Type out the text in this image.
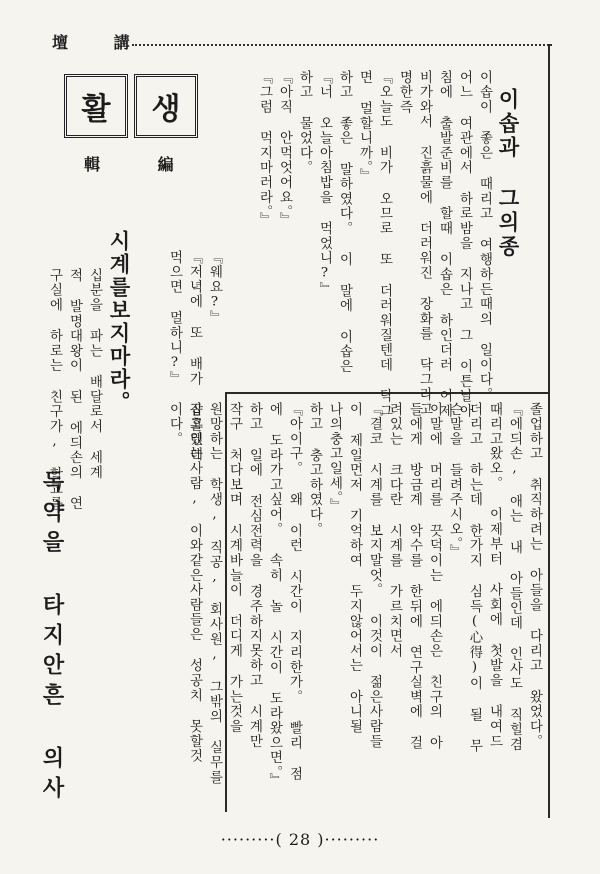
壇 講
활 생
輯 編	이솝과 그의종
이솝이 좋은 때리고 여행하든때의 일이다。
어느 여관에서 하로밤을 지나고 그 이튼날아
침에 출발준비를 할때 이솝은 하인더러 어제
비가와서 진흙물에 더러워진 장화를 닥그라고
명한즉
『오늘도 비가 오므로 또 더러워질텐데 닥그
면 멀할니까。』
하고 좋은 말하였다。 이 말에 이솝은
『너 오늘아침밥을 먹었니?』
하고 물었다。
『아직 안먹엇어요。』
『그럼 먹지마러라。』
『웨요?』
『저녁에 또 배가 곱흘텐데
먹으면 멀하니?』
시계를보지마라。
십분을 파는 배달로서 세계
적 발명대왕이 된 에듸손의 연
구실에 하로는 친구가, 학교를
졸업하고 취직하려는 아들을 다리고 왔었다。
『에듸손, 애는 내 아들인데 인사도 직힐겸
때리고왔오。 이제부터 사회에 첫발을 내여드
더리고 하는데 한가지 심득(心得)이 될 무
슨말을 들려주시오。』
이말에 머리를 끗덕이는 에듸손은 친구의 아
들에게 방금계 악수를 한뒤에 연구실벽에 걸
려있는 크다란 시계를 가르치면서
『결코 시계를 보지말엇。 이것이 젊은사람들
이 제일먼저 기억하여 두지않어서는 아니될
나의충고일세。』
하고 충고하였다。
『아이구。 왜 이런 시간이 지리한가。 빨리 점
에 도라가고싶어。 속히 놀 시간이 도라왔으면。』
하고 일에 전심전력을 경주하지못하고 시계만
작구 처다보며 시계바늘이 더디게 가는것을
원망하는 학생, 직공, 회사원, 그밖의 실무를
잡고있는사람, 이와같은사람들은 성공치 못할것
이다。
독약을 타지안흔 의사
·········( 28 )·········
